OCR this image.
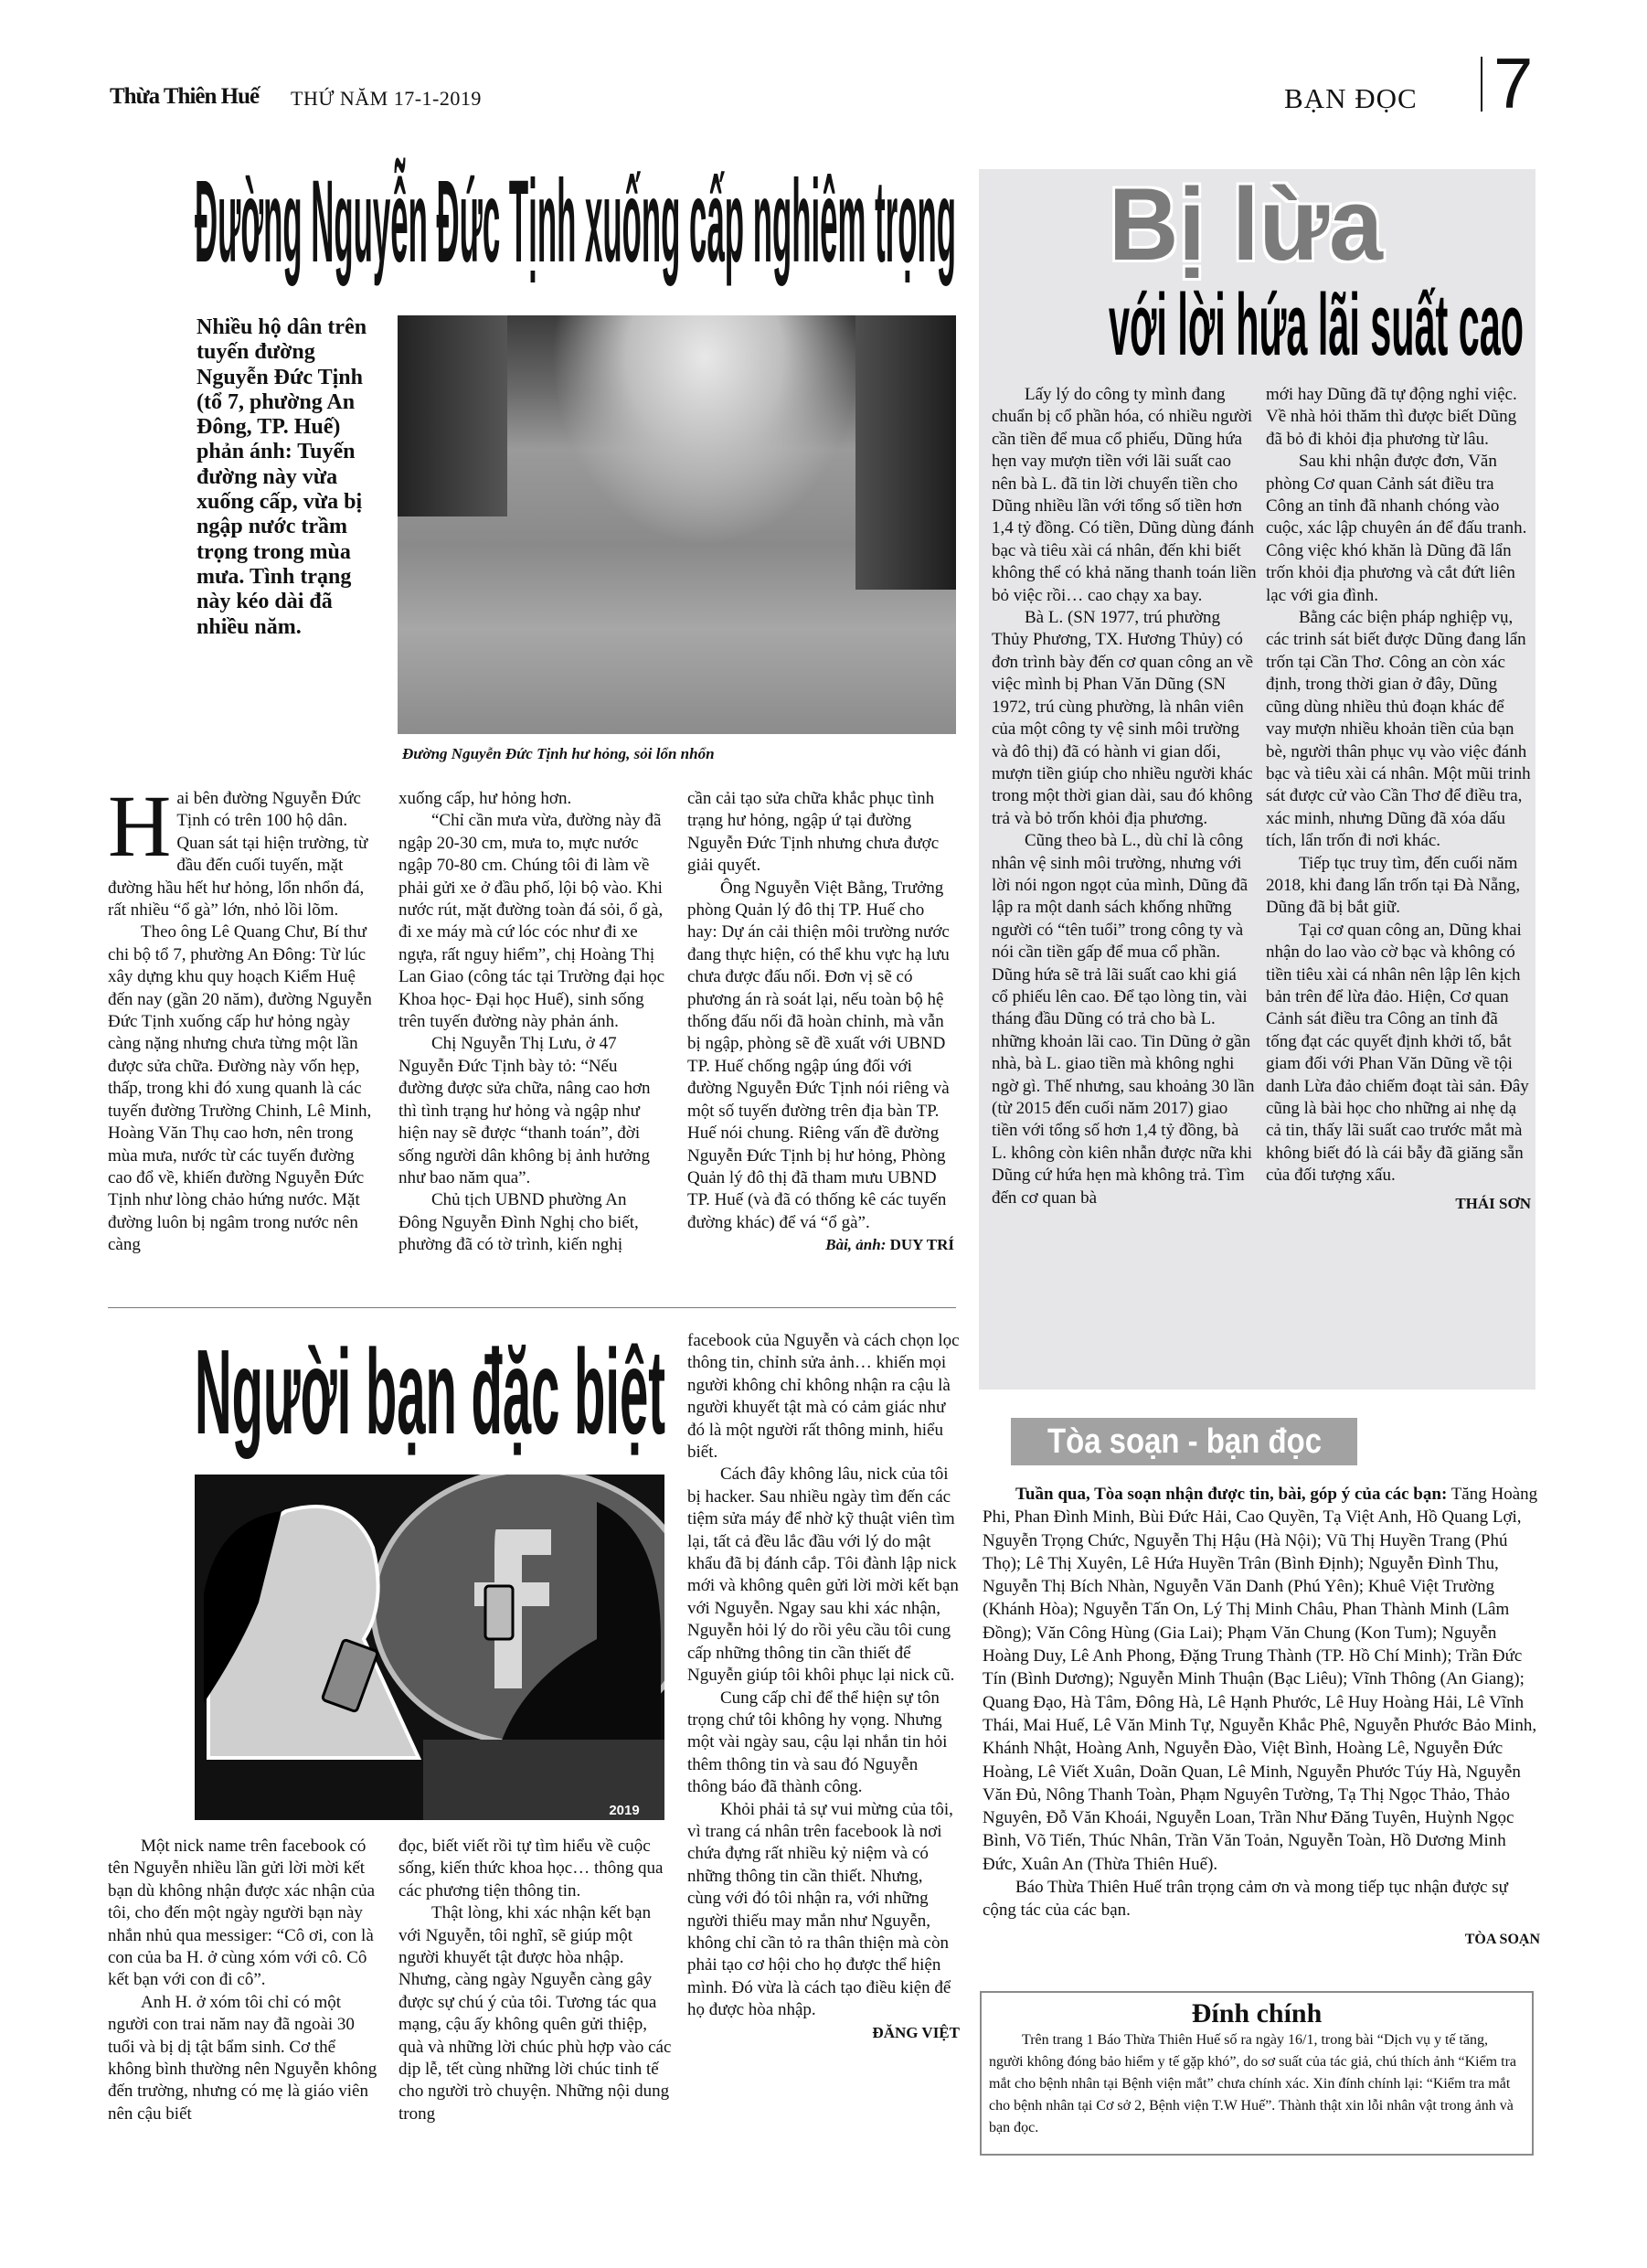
Thừa Thiên Huế THỨ NĂM 17-1-2019	BẠN ĐỌC 7
Đường Nguyễn Đức Tịnh xuống cấp nghiêm trọng
Nhiều hộ dân trên tuyến đường Nguyễn Đức Tịnh (tổ 7, phường An Đông, TP. Huế) phản ánh: Tuyến đường này vừa xuống cấp, vừa bị ngập nước trầm trọng trong mùa mưa. Tình trạng này kéo dài đã nhiều năm.
Đường Nguyễn Đức Tịnh hư hỏng, sỏi lổn nhổn
H ai bên đường Nguyễn Đức Tịnh có trên 100 hộ dân. Quan sát tại hiện trường, từ đầu đến cuối tuyến, mặt đường hầu hết hư hỏng, lổn nhổn đá, rất nhiều “ổ gà” lớn, nhỏ lồi lõm.

Theo ông Lê Quang Chư, Bí thư chi bộ tổ 7, phường An Đông: Từ lúc xây dựng khu quy hoạch Kiểm Huệ đến nay (gần 20 năm), đường Nguyễn Đức Tịnh xuống cấp hư hỏng ngày càng nặng nhưng chưa từng một lần được sửa chữa. Đường này vốn hẹp, thấp, trong khi đó xung quanh là các tuyến đường Trường Chinh, Lê Minh, Hoàng Văn Thụ cao hơn, nên trong mùa mưa, nước từ các tuyến đường cao đổ về, khiến đường Nguyễn Đức Tịnh như lòng chảo hứng nước. Mặt đường luôn bị ngâm trong nước nên càng

xuống cấp, hư hỏng hơn.

“Chỉ cần mưa vừa, đường này đã ngập 20-30 cm, mưa to, mực nước ngập 70-80 cm. Chúng tôi đi làm về phải gửi xe ở đầu phố, lội bộ vào. Khi nước rút, mặt đường toàn đá sỏi, ổ gà, đi xe máy mà cứ lóc cóc như đi xe ngựa, rất nguy hiểm”, chị Hoàng Thị Lan Giao (công tác tại Trường đại học Khoa học- Đại học Huế), sinh sống trên tuyến đường này phản ánh.

Chị Nguyễn Thị Lưu, ở 47 Nguyễn Đức Tịnh bày tỏ: “Nếu đường được sửa chữa, nâng cao hơn thì tình trạng hư hỏng và ngập như hiện nay sẽ được “thanh toán”, đời sống người dân không bị ảnh hưởng như bao năm qua”.

Chủ tịch UBND phường An Đông Nguyễn Đình Nghị cho biết, phường đã có tờ trình, kiến nghị

cần cải tạo sửa chữa khắc phục tình trạng hư hỏng, ngập ứ tại đường Nguyễn Đức Tịnh nhưng chưa được giải quyết.

Ông Nguyễn Việt Bằng, Trưởng phòng Quản lý đô thị TP. Huế cho hay: Dự án cải thiện môi trường nước đang thực hiện, có thể khu vực hạ lưu chưa được đấu nối. Đơn vị sẽ có phương án rà soát lại, nếu toàn bộ hệ thống đấu nối đã hoàn chỉnh, mà vẫn bị ngập, phòng sẽ đề xuất với UBND TP. Huế chống ngập úng đối với đường Nguyễn Đức Tịnh nói riêng và một số tuyến đường trên địa bàn TP. Huế nói chung. Riêng vấn đề đường Nguyễn Đức Tịnh bị hư hỏng, Phòng Quản lý đô thị đã tham mưu UBND TP. Huế (và đã có thống kê các tuyến đường khác) để vá “ổ gà”.

Bài, ảnh: DUY TRÍ
Người bạn đặc biệt
2019

Một nick name trên facebook có tên Nguyễn nhiều lần gửi lời mời kết bạn dù không nhận được xác nhận của tôi, cho đến một ngày người bạn này nhắn nhủ qua messiger: “Cô ơi, con là con của ba H. ở cùng xóm với cô. Cô kết bạn với con đi cô”.

Anh H. ở xóm tôi chỉ có một người con trai năm nay đã ngoài 30 tuổi và bị dị tật bẩm sinh. Cơ thể không bình thường nên Nguyễn không đến trường, nhưng có mẹ là giáo viên nên cậu biết

đọc, biết viết rồi tự tìm hiểu về cuộc sống, kiến thức khoa học… thông qua các phương tiện thông tin.

Thật lòng, khi xác nhận kết bạn với Nguyễn, tôi nghĩ, sẽ giúp một người khuyết tật được hòa nhập. Nhưng, càng ngày Nguyễn càng gây được sự chú ý của tôi. Tương tác qua mạng, cậu ấy không quên gửi thiệp, quà và những lời chúc phù hợp vào các dịp lễ, tết cùng những lời chúc tinh tế cho người trò chuyện. Những nội dung trong

facebook của Nguyễn và cách chọn lọc thông tin, chỉnh sửa ảnh… khiến mọi người không chỉ không nhận ra cậu là người khuyết tật mà có cảm giác như đó là một người rất thông minh, hiểu biết.

Cách đây không lâu, nick của tôi bị hacker. Sau nhiều ngày tìm đến các tiệm sửa máy để nhờ kỹ thuật viên tìm lại, tất cả đều lắc đầu với lý do mật khẩu đã bị đánh cắp. Tôi đành lập nick mới và không quên gửi lời mời kết bạn với Nguyễn. Ngay sau khi xác nhận, Nguyễn hỏi lý do rồi yêu cầu tôi cung cấp những thông tin cần thiết để Nguyễn giúp tôi khôi phục lại nick cũ.

Cung cấp chỉ để thể hiện sự tôn trọng chứ tôi không hy vọng. Nhưng một vài ngày sau, cậu lại nhắn tin hỏi thêm thông tin và sau đó Nguyễn thông báo đã thành công.

Khỏi phải tả sự vui mừng của tôi, vì trang cá nhân trên facebook là nơi chứa đựng rất nhiều kỷ niệm và có những thông tin cần thiết. Nhưng, cùng với đó tôi nhận ra, với những người thiếu may mắn như Nguyễn, không chỉ cần tỏ ra thân thiện mà còn phải tạo cơ hội cho họ được thể hiện mình. Đó vừa là cách tạo điều kiện để họ được hòa nhập.

ĐĂNG VIỆT
Bị lừa
với lời hứa lãi suất cao

Lấy lý do công ty mình đang chuẩn bị cổ phần hóa, có nhiều người cần tiền để mua cổ phiếu, Dũng hứa hẹn vay mượn tiền với lãi suất cao nên bà L. đã tin lời chuyển tiền cho Dũng nhiều lần với tổng số tiền hơn 1,4 tỷ đồng. Có tiền, Dũng dùng đánh bạc và tiêu xài cá nhân, đến khi biết không thể có khả năng thanh toán liền bỏ việc rồi… cao chạy xa bay.

Bà L. (SN 1977, trú phường Thủy Phương, TX. Hương Thủy) có đơn trình bày đến cơ quan công an về việc mình bị Phan Văn Dũng (SN 1972, trú cùng phường, là nhân viên của một công ty vệ sinh môi trường và đô thị) đã có hành vi gian dối, mượn tiền giúp cho nhiều người khác trong một thời gian dài, sau đó không trả và bỏ trốn khỏi địa phương.

Cũng theo bà L., dù chỉ là công nhân vệ sinh môi trường, nhưng với lời nói ngon ngọt của mình, Dũng đã lập ra một danh sách khống những người có “tên tuổi” trong công ty và nói cần tiền gấp để mua cổ phần. Dũng hứa sẽ trả lãi suất cao khi giá cổ phiếu lên cao. Để tạo lòng tin, vài tháng đầu Dũng có trả cho bà L. những khoản lãi cao. Tin Dũng ở gần nhà, bà L. giao tiền mà không nghi ngờ gì. Thế nhưng, sau khoảng 30 lần (từ 2015 đến cuối năm 2017) giao tiền với tổng số hơn 1,4 tỷ đồng, bà L. không còn kiên nhẫn được nữa khi Dũng cứ hứa hẹn mà không trả. Tìm đến cơ quan bà

mới hay Dũng đã tự động nghỉ việc. Về nhà hỏi thăm thì được biết Dũng đã bỏ đi khỏi địa phương từ lâu.

Sau khi nhận được đơn, Văn phòng Cơ quan Cảnh sát điều tra Công an tỉnh đã nhanh chóng vào cuộc, xác lập chuyên án để đấu tranh. Công việc khó khăn là Dũng đã lẩn trốn khỏi địa phương và cắt đứt liên lạc với gia đình.

Bằng các biện pháp nghiệp vụ, các trinh sát biết được Dũng đang lẩn trốn tại Cần Thơ. Công an còn xác định, trong thời gian ở đây, Dũng cũng dùng nhiều thủ đoạn khác để vay mượn nhiều khoản tiền của bạn bè, người thân phục vụ vào việc đánh bạc và tiêu xài cá nhân. Một mũi trinh sát được cử vào Cần Thơ để điều tra, xác minh, nhưng Dũng đã xóa dấu tích, lẩn trốn đi nơi khác.

Tiếp tục truy tìm, đến cuối năm 2018, khi đang lẩn trốn tại Đà Nẵng, Dũng đã bị bắt giữ.

Tại cơ quan công an, Dũng khai nhận do lao vào cờ bạc và không có tiền tiêu xài cá nhân nên lập lên kịch bản trên để lừa đảo. Hiện, Cơ quan Cảnh sát điều tra Công an tỉnh đã tống đạt các quyết định khởi tố, bắt giam đối với Phan Văn Dũng về tội danh Lừa đảo chiếm đoạt tài sản. Đây cũng là bài học cho những ai nhẹ dạ cả tin, thấy lãi suất cao trước mắt mà không biết đó là cái bẫy đã giăng sẵn của đối tượng xấu.

THÁI SƠN
Tòa soạn - bạn đọc

Tuần qua, Tòa soạn nhận được tin, bài, góp ý của các bạn: Tăng Hoàng Phi, Phan Đình Minh, Bùi Đức Hải, Cao Quyền, Tạ Việt Anh, Hồ Quang Lợi, Nguyễn Trọng Chức, Nguyễn Thị Hậu (Hà Nội); Vũ Thị Huyền Trang (Phú Thọ); Lê Thị Xuyên, Lê Hứa Huyền Trân (Bình Định); Nguyễn Đình Thu, Nguyễn Thị Bích Nhàn, Nguyễn Văn Danh (Phú Yên); Khuê Việt Trường (Khánh Hòa); Nguyễn Tấn On, Lý Thị Minh Châu, Phan Thành Minh (Lâm Đồng); Văn Công Hùng (Gia Lai); Phạm Văn Chung (Kon Tum); Nguyễn Hoàng Duy, Lê Anh Phong, Đặng Trung Thành (TP. Hồ Chí Minh); Trần Đức Tín (Bình Dương); Nguyễn Minh Thuận (Bạc Liêu); Vĩnh Thông (An Giang); Quang Đạo, Hà Tâm, Đông Hà, Lê Hạnh Phước, Lê Huy Hoàng Hải, Lê Vĩnh Thái, Mai Huế, Lê Văn Minh Tự, Nguyễn Khắc Phê, Nguyễn Phước Bảo Minh, Khánh Nhật, Hoàng Anh, Nguyễn Đào, Việt Bình, Hoàng Lê, Nguyễn Đức Hoàng, Lê Viết Xuân, Doãn Quan, Lê Minh, Nguyễn Phước Túy Hà, Nguyễn Văn Đủ, Nông Thanh Toàn, Phạm Nguyên Tường, Tạ Thị Ngọc Thảo, Thảo Nguyên, Đỗ Văn Khoái, Nguyễn Loan, Trần Như Đăng Tuyên, Huỳnh Ngọc Bình, Võ Tiến, Thúc Nhân, Trần Văn Toản, Nguyễn Toàn, Hồ Dương Minh Đức, Xuân An (Thừa Thiên Huế).

Báo Thừa Thiên Huế trân trọng cảm ơn và mong tiếp tục nhận được sự cộng tác của các bạn.

TÒA SOẠN
Đính chính

Trên trang 1 Báo Thừa Thiên Huế số ra ngày 16/1, trong bài “Dịch vụ y tế tăng, người không đóng bảo hiểm y tế gặp khó”, do sơ suất của tác giả, chú thích ảnh “Kiểm tra mắt cho bệnh nhân tại Bệnh viện mắt” chưa chính xác. Xin đính chính lại: “Kiểm tra mắt cho bệnh nhân tại Cơ sở 2, Bệnh viện T.W Huế”. Thành thật xin lỗi nhân vật trong ảnh và bạn đọc.
